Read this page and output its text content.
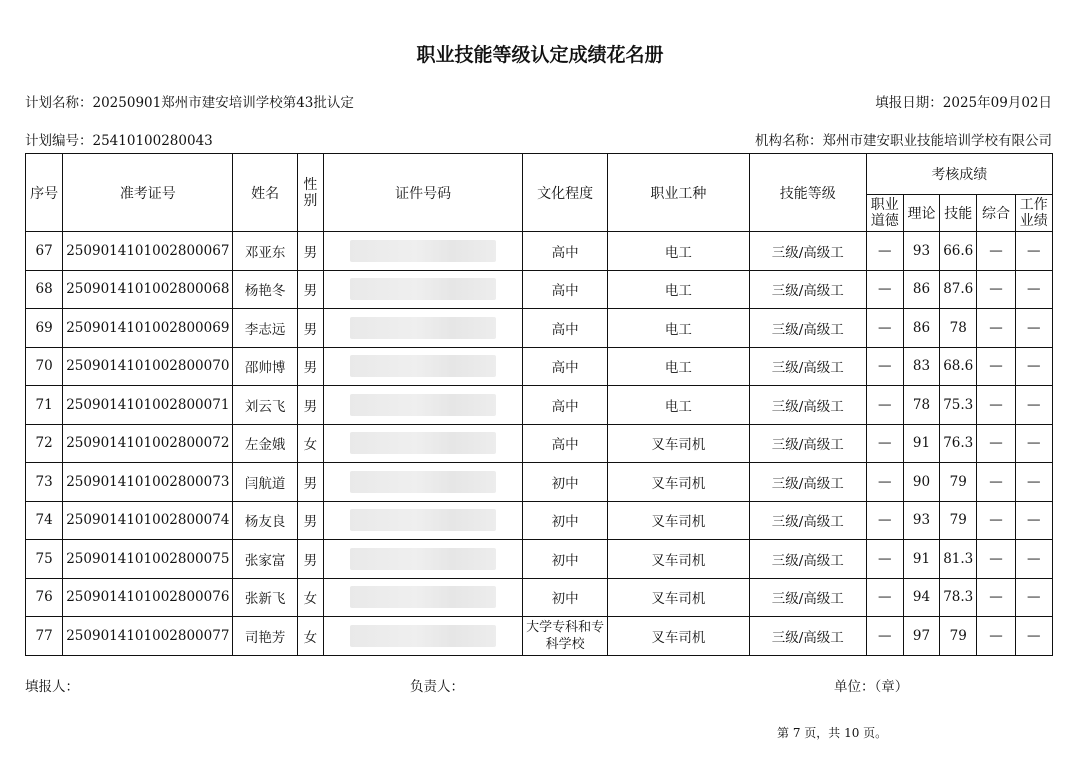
职业技能等级认定成绩花名册
计划名称：20250901郑州市建安培训学校第43批认定	填报日期：2025年09月02日
计划编号：25410100280043	机构名称：郑州市建安职业技能培训学校有限公司
序号	准考证号	姓名	性别	证件号码	文化程度	职业工种	技能等级	考核成绩				
								职业道德	理论	技能	综合	工作业绩
67	2509014101002800067	邓亚东	男		高中	电工	三级/高级工	—	93	66.6	—	—
68	2509014101002800068	杨艳冬	男		高中	电工	三级/高级工	—	86	87.6	—	—
69	2509014101002800069	李志远	男		高中	电工	三级/高级工	—	86	78	—	—
70	2509014101002800070	邵帅博	男		高中	电工	三级/高级工	—	83	68.6	—	—
71	2509014101002800071	刘云飞	男		高中	电工	三级/高级工	—	78	75.3	—	—
72	2509014101002800072	左金娥	女		高中	叉车司机	三级/高级工	—	91	76.3	—	—
73	2509014101002800073	闫航道	男		初中	叉车司机	三级/高级工	—	90	79	—	—
74	2509014101002800074	杨友良	男		初中	叉车司机	三级/高级工	—	93	79	—	—
75	2509014101002800075	张家富	男		初中	叉车司机	三级/高级工	—	91	81.3	—	—
76	2509014101002800076	张新飞	女		初中	叉车司机	三级/高级工	—	94	78.3	—	—
77	2509014101002800077	司艳芳	女		大学专科和专科学校	叉车司机	三级/高级工	—	97	79	—	—
填报人：	负责人：	单位：（章）
第 7 页，共 10 页。
